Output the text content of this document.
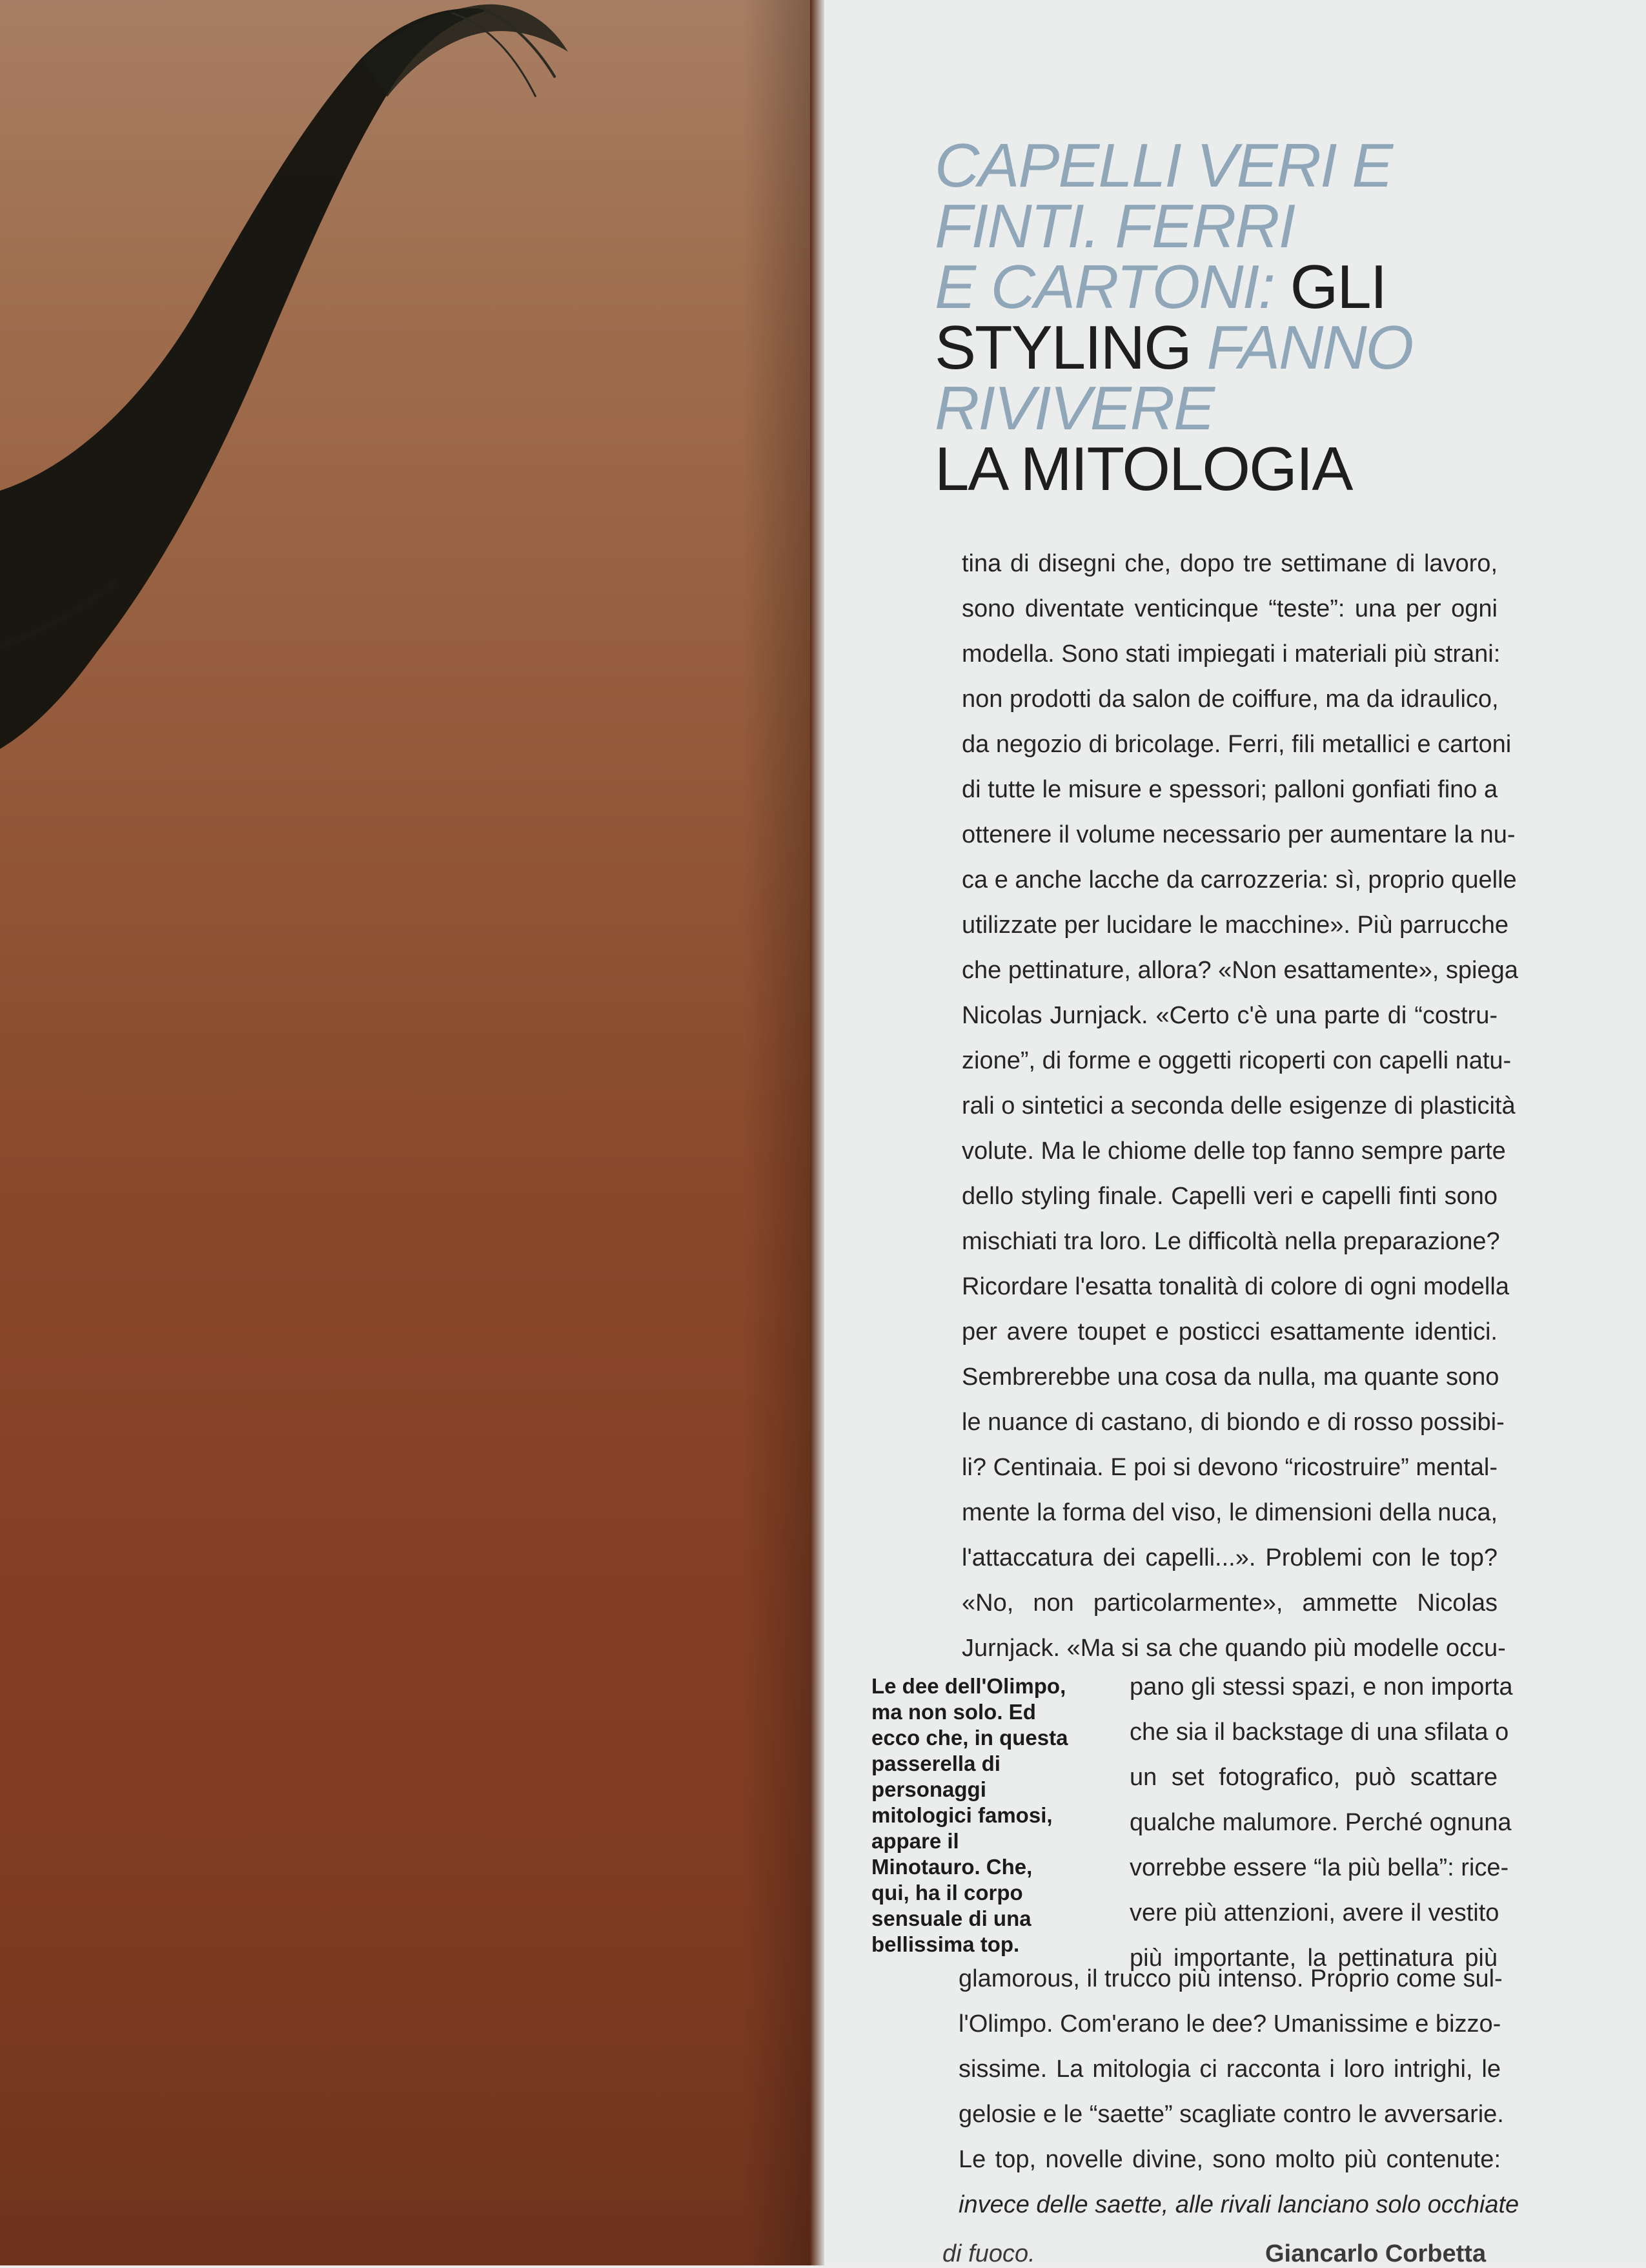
CAPELLI VERI E
FINTI. FERRI
E CARTONI: GLI
STYLING FANNO
RIVIVERE
LA MITOLOGIA
tina di disegni che, dopo tre settimane di lavoro,
sono diventate venticinque “teste”: una per ogni
modella. Sono stati impiegati i materiali più strani:
non prodotti da salon de coiffure, ma da idraulico,
da negozio di bricolage. Ferri, fili metallici e cartoni
di tutte le misure e spessori; palloni gonfiati fino a
ottenere il volume necessario per aumentare la nu-
ca e anche lacche da carrozzeria: sì, proprio quelle
utilizzate per lucidare le macchine». Più parrucche
che pettinature, allora? «Non esattamente», spiega
Nicolas Jurnjack. «Certo c'è una parte di “costru-
zione”, di forme e oggetti ricoperti con capelli natu-
rali o sintetici a seconda delle esigenze di plasticità
volute. Ma le chiome delle top fanno sempre parte
dello styling finale. Capelli veri e capelli finti sono
mischiati tra loro. Le difficoltà nella preparazione?
Ricordare l'esatta tonalità di colore di ogni modella
per avere toupet e posticci esattamente identici.
Sembrerebbe una cosa da nulla, ma quante sono
le nuance di castano, di biondo e di rosso possibi-
li? Centinaia. E poi si devono “ricostruire” mental-
mente la forma del viso, le dimensioni della nuca,
l'attaccatura dei capelli...». Problemi con le top?
«No, non particolarmente», ammette Nicolas
Jurnjack. «Ma si sa che quando più modelle occu-
pano gli stessi spazi, e non importa
che sia il backstage di una sfilata o
un set fotografico, può scattare
qualche malumore. Perché ognuna
vorrebbe essere “la più bella”: rice-
vere più attenzioni, avere il vestito
più importante, la pettinatura più
glamorous, il trucco più intenso. Proprio come sul-
l'Olimpo. Com'erano le dee? Umanissime e bizzo-
sissime. La mitologia ci racconta i loro intrighi, le
gelosie e le “saette” scagliate contro le avversarie.
Le top, novelle divine, sono molto più contenute:
invece delle saette, alle rivali lanciano solo occhiate
Le dee dell'Olimpo,
ma non solo. Ed
ecco che, in questa
passerella di
personaggi
mitologici famosi,
appare il
Minotauro. Che,
qui, ha il corpo
sensuale di una
bellissima top.
di fuoco.	Giancarlo Corbetta
